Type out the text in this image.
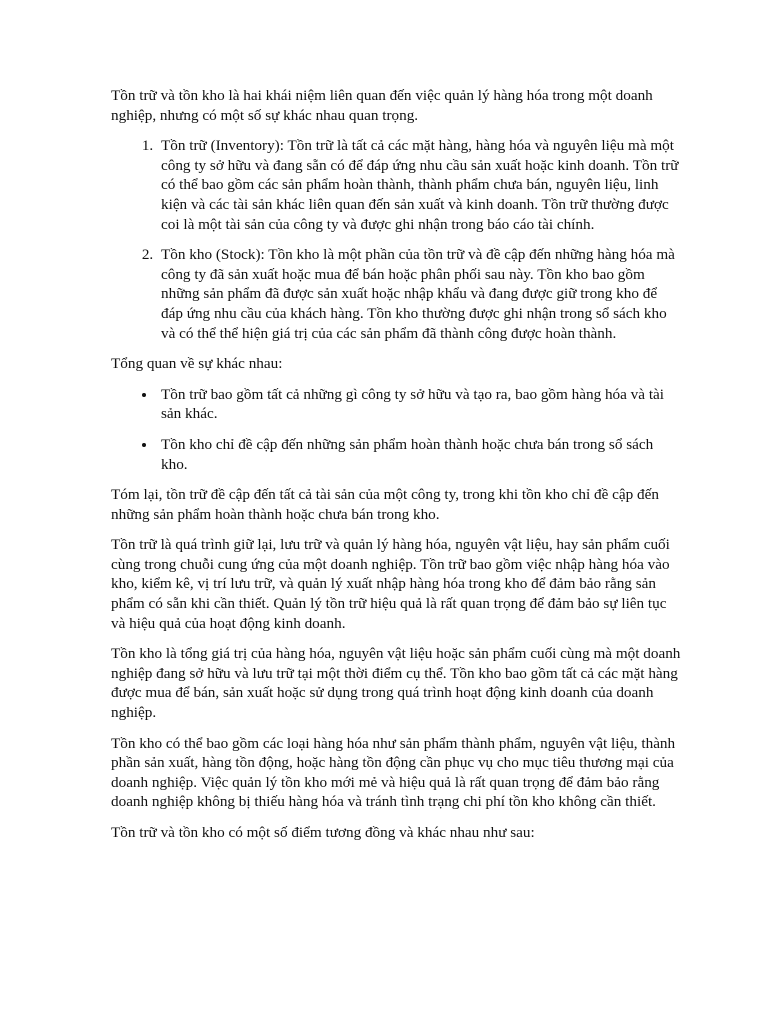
Tồn trữ và tồn kho là hai khái niệm liên quan đến việc quản lý hàng hóa trong một doanh nghiệp, nhưng có một số sự khác nhau quan trọng.

1. Tồn trữ (Inventory): Tồn trữ là tất cả các mặt hàng, hàng hóa và nguyên liệu mà một công ty sở hữu và đang sẵn có để đáp ứng nhu cầu sản xuất hoặc kinh doanh. Tồn trữ có thể bao gồm các sản phẩm hoàn thành, thành phẩm chưa bán, nguyên liệu, linh kiện và các tài sản khác liên quan đến sản xuất và kinh doanh. Tồn trữ thường được coi là một tài sản của công ty và được ghi nhận trong báo cáo tài chính.
2. Tồn kho (Stock): Tồn kho là một phần của tồn trữ và đề cập đến những hàng hóa mà công ty đã sản xuất hoặc mua để bán hoặc phân phối sau này. Tồn kho bao gồm những sản phẩm đã được sản xuất hoặc nhập khẩu và đang được giữ trong kho để đáp ứng nhu cầu của khách hàng. Tồn kho thường được ghi nhận trong sổ sách kho và có thể thể hiện giá trị của các sản phẩm đã thành công được hoàn thành.

Tổng quan về sự khác nhau:

• Tồn trữ bao gồm tất cả những gì công ty sở hữu và tạo ra, bao gồm hàng hóa và tài sản khác.
• Tồn kho chỉ đề cập đến những sản phẩm hoàn thành hoặc chưa bán trong sổ sách kho.

Tóm lại, tồn trữ đề cập đến tất cả tài sản của một công ty, trong khi tồn kho chỉ đề cập đến những sản phẩm hoàn thành hoặc chưa bán trong kho.

Tồn trữ là quá trình giữ lại, lưu trữ và quản lý hàng hóa, nguyên vật liệu, hay sản phẩm cuối cùng trong chuỗi cung ứng của một doanh nghiệp. Tồn trữ bao gồm việc nhập hàng hóa vào kho, kiểm kê, vị trí lưu trữ, và quản lý xuất nhập hàng hóa trong kho để đảm bảo rằng sản phẩm có sẵn khi cần thiết. Quản lý tồn trữ hiệu quả là rất quan trọng để đảm bảo sự liên tục và hiệu quả của hoạt động kinh doanh.

Tồn kho là tổng giá trị của hàng hóa, nguyên vật liệu hoặc sản phẩm cuối cùng mà một doanh nghiệp đang sở hữu và lưu trữ tại một thời điểm cụ thể. Tồn kho bao gồm tất cả các mặt hàng được mua để bán, sản xuất hoặc sử dụng trong quá trình hoạt động kinh doanh của doanh nghiệp.

Tồn kho có thể bao gồm các loại hàng hóa như sản phẩm thành phẩm, nguyên vật liệu, thành phần sản xuất, hàng tồn động, hoặc hàng tồn động cần phục vụ cho mục tiêu thương mại của doanh nghiệp. Việc quản lý tồn kho mới mẻ và hiệu quả là rất quan trọng để đảm bảo rằng doanh nghiệp không bị thiếu hàng hóa và tránh tình trạng chi phí tồn kho không cần thiết.

Tồn trữ và tồn kho có một số điểm tương đồng và khác nhau như sau:
